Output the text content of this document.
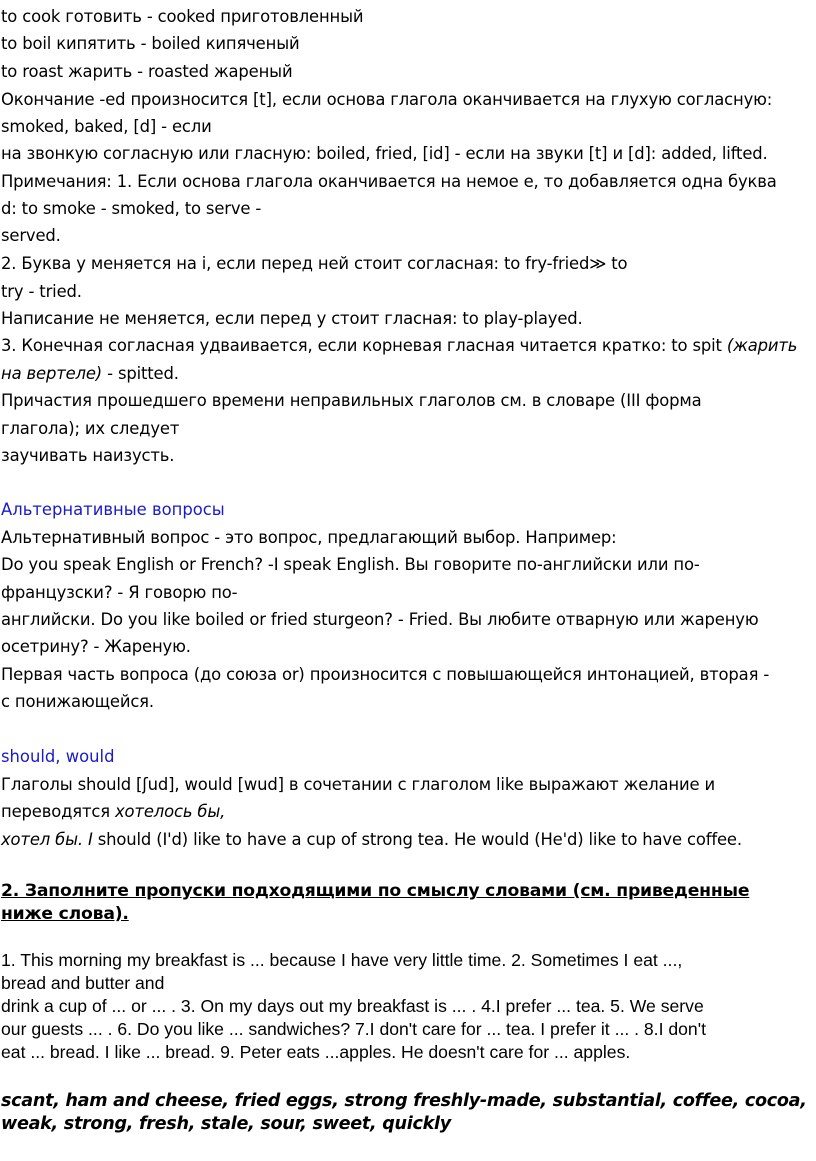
to cook готовить - cooked приготовленный
to boil кипятить - boiled кипяченый
to roast жарить - roasted жареный
Окончание -ed произносится [t], если основа глагола оканчивается на глухую согласную:
smoked, baked, [d] - если
на звонкую согласную или гласную: boiled, fried, [id] - если на звуки [t] и [d]: added, lifted.
Примечания: 1. Если основа глагола оканчивается на немое е, то добавляется одна буква
d: to smoke - smoked, to serve -
served.
2. Буква у меняется на i, если перед ней стоит согласная: to fry-fried≫ to
try - tried.
Написание не меняется, если перед у стоит гласная: to play-played.
3. Конечная согласная удваивается, если корневая гласная читается кратко: to spit (жарить
на вертеле) - spitted.
Причастия прошедшего времени неправильных глаголов см. в словаре (III форма
глагола); их следует
заучивать наизусть.
Альтернативные вопросы
Альтернативный вопрос - это вопрос, предлагающий выбор. Например:
Do you speak English or French? -I speak English. Вы говорите по-английски или по-
французски? - Я говорю по-
английски. Do you like boiled or fried sturgeon? - Fried. Вы любите отварную или жареную
осетрину? - Жареную.
Первая часть вопроса (до союза or) произносится с повышающейся интонацией, вторая -
с понижающейся.
should, would
Глаголы should [ʃud], would [wud] в сочетании с глаголом like выражают желание и
переводятся хотелось бы,
хотел бы. I should (I'd) like to have a cup of strong tea. He would (He'd) like to have coffee.
2. Заполните пропуски подходящими по смыслу словами (см. приведенные
ниже слова).
1. This morning my breakfast is ... because I have very little time. 2. Sometimes I eat ...,
bread and butter and
drink a cup of ... or ... . 3. On my days out my breakfast is ... . 4.I prefer ... tea. 5. We serve
our guests ... . 6. Do you like ... sandwiches? 7.I don't care for ... tea. I prefer it ... . 8.I don't
eat ... bread. I like ... bread. 9. Peter eats ...apples. He doesn't care for ... apples.
scant, ham and cheese, fried eggs, strong freshly-made, substantial, coffee, cocoa,
weak, strong, fresh, stale, sour, sweet, quickly
